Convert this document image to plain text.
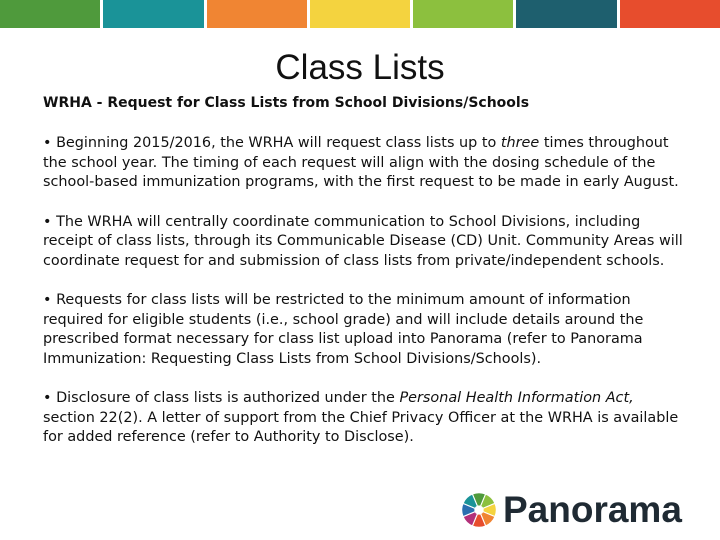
Class Lists

WRHA - Request for Class Lists from School Divisions/Schools

• Beginning 2015/2016, the WRHA will request class lists up to three times throughout the school year. The timing of each request will align with the dosing schedule of the school-based immunization programs, with the first request to be made in early August.

• The WRHA will centrally coordinate communication to School Divisions, including receipt of class lists, through its Communicable Disease (CD) Unit. Community Areas will coordinate request for and submission of class lists from private/independent schools.

• Requests for class lists will be restricted to the minimum amount of information required for eligible students (i.e., school grade) and will include details around the prescribed format necessary for class list upload into Panorama (refer to Panorama Immunization: Requesting Class Lists from School Divisions/Schools).

• Disclosure of class lists is authorized under the Personal Health Information Act, section 22(2). A letter of support from the Chief Privacy Officer at the WRHA is available for added reference (refer to Authority to Disclose).

Panorama
